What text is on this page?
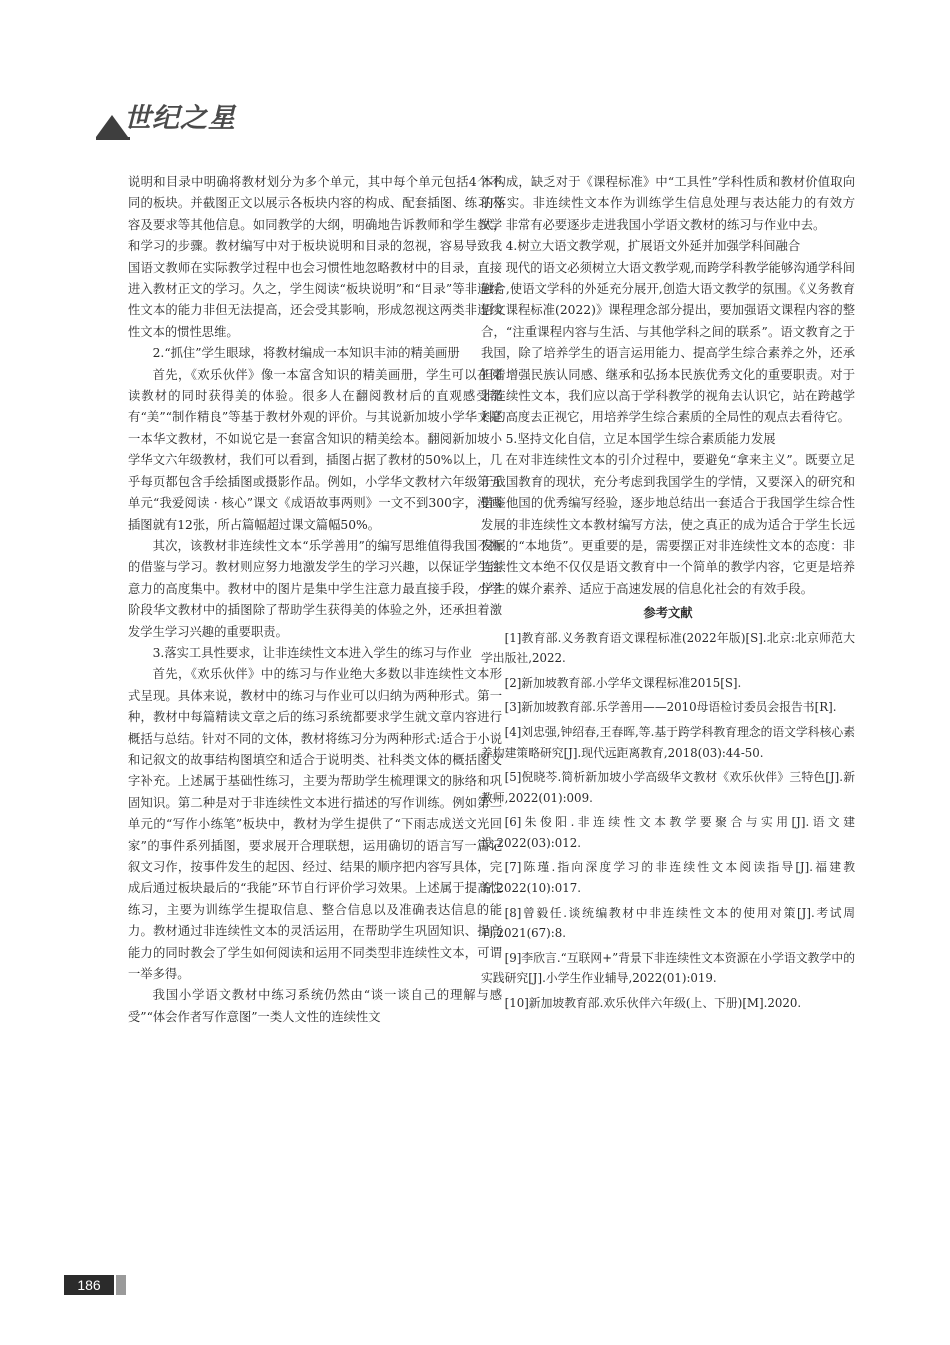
世纪之星

说明和目录中明确将教材划分为多个单元，其中每个单元包括4个不同的板块。并截图正文以展示各板块内容的构成、配套插图、练习内容及要求等其他信息。如同教学的大纲，明确地告诉教师和学生教学和学习的步骤。教材编写中对于板块说明和目录的忽视，容易导致我国语文教师在实际教学过程中也会习惯性地忽略教材中的目录，直接进入教材正文的学习。久之，学生阅读“板块说明”和“目录”等非连续性文本的能力非但无法提高，还会受其影响，形成忽视这两类非连续性文本的惯性思维。

2.“抓住”学生眼球，将教材编成一本知识丰沛的精美画册

首先，《欢乐伙伴》像一本富含知识的精美画册，学生可以在阅读教材的同时获得美的体验。很多人在翻阅教材后的直观感受都有“美”“制作精良”等基于教材外观的评价。与其说新加坡小学华文是一本华文教材，不如说它是一套富含知识的精美绘本。翻阅新加坡小学华文六年级教材，我们可以看到，插图占据了教材的50%以上，几乎每页都包含手绘插图或摄影作品。例如，小学华文教材六年级第五单元“我爱阅读 · 核心”课文《成语故事两则》一文不到300字，漫画插图就有12张，所占篇幅超过课文篇幅50%。

其次，该教材非连续性文本“乐学善用”的编写思维值得我国不断的借鉴与学习。教材则应努力地激发学生的学习兴趣，以保证学生注意力的高度集中。教材中的图片是集中学生注意力最直接手段，小学阶段华文教材中的插图除了帮助学生获得美的体验之外，还承担着激发学生学习兴趣的重要职责。

3.落实工具性要求，让非连续性文本进入学生的练习与作业

首先，《欢乐伙伴》中的练习与作业绝大多数以非连续性文本形式呈现。具体来说，教材中的练习与作业可以归纳为两种形式。第一种，教材中每篇精读文章之后的练习系统都要求学生就文章内容进行概括与总结。针对不同的文体，教材将练习分为两种形式:适合于小说和记叙文的故事结构图填空和适合于说明类、社科类文体的概括图文字补充。上述属于基础性练习，主要为帮助学生梳理课文的脉络和巩固知识。第二种是对于非连续性文本进行描述的写作训练。例如第二单元的“写作小练笔”板块中，教材为学生提供了“下雨志成送文光回家”的事件系列插图，要求展开合理联想，运用确切的语言写一篇记叙文习作，按事件发生的起因、经过、结果的顺序把内容写具体，完成后通过板块最后的“我能”环节自行评价学习效果。上述属于提高性练习，主要为训练学生提取信息、整合信息以及准确表达信息的能力。教材通过非连续性文本的灵活运用，在帮助学生巩固知识、提高能力的同时教会了学生如何阅读和运用不同类型非连续性文本，可谓一举多得。

我国小学语文教材中练习系统仍然由“谈一谈自己的理解与感受”“体会作者写作意图”一类人文性的连续性文

本构成，缺乏对于《课程标准》中“工具性”学科性质和教材价值取向的落实。非连续性文本作为训练学生信息处理与表达能力的有效方式，非常有必要逐步走进我国小学语文教材的练习与作业中去。

4.树立大语文教学观，扩展语文外延并加强学科间融合

现代的语文必须树立大语文教学观,而跨学科教学能够沟通学科间融合,使语文学科的外延充分展开,创造大语文教学的氛围。《义务教育语文课程标准(2022)》课程理念部分提出，要加强语文课程内容的整合，“注重课程内容与生活、与其他学科之间的联系”。语文教育之于我国，除了培养学生的语言运用能力、提高学生综合素养之外，还承担着增强民族认同感、继承和弘扬本民族优秀文化的重要职责。对于非连续性文本，我们应以高于学科教学的视角去认识它，站在跨越学科的高度去正视它，用培养学生综合素质的全局性的观点去看待它。

5.坚持文化自信，立足本国学生综合素质能力发展

在对非连续性文本的引介过程中，要避免“拿来主义”。既要立足于我国教育的现状，充分考虑到我国学生的学情，又要深入的研究和借鉴他国的优秀编写经验，逐步地总结出一套适合于我国学生综合性发展的非连续性文本教材编写方法，使之真正的成为适合于学生长远发展的“本地货”。更重要的是，需要摆正对非连续性文本的态度：非连续性文本绝不仅仅是语文教育中一个简单的教学内容，它更是培养学生的媒介素养、适应于高速发展的信息化社会的有效手段。

参考文献

[1]教育部.义务教育语文课程标准(2022年版)[S].北京:北京师范大学出版社,2022.

[2]新加坡教育部.小学华文课程标准2015[S].

[3]新加坡教育部.乐学善用——2010母语检讨委员会报告书[R].

[4]刘忠强,钟绍春,王春晖,等.基于跨学科教育理念的语文学科核心素养构建策略研究[J].现代远距离教育,2018(03):44-50.

[5]倪晓芩.简析新加坡小学高级华文教材《欢乐伙伴》三特色[J].新教师,2022(01):009.

[6]朱俊阳.非连续性文本教学要聚合与实用[J].语文建设,2022(03):012.

[7]陈瑾.指向深度学习的非连续性文本阅读指导[J].福建教育,2022(10):017.

[8]曾毅任.谈统编教材中非连续性文本的使用对策[J].考试周刊,2021(67):8.

[9]李欣言.“互联网+”背景下非连续性文本资源在小学语文教学中的实践研究[J].小学生作业辅导,2022(01):019.

[10]新加坡教育部.欢乐伙伴六年级(上、下册)[M].2020.

186
